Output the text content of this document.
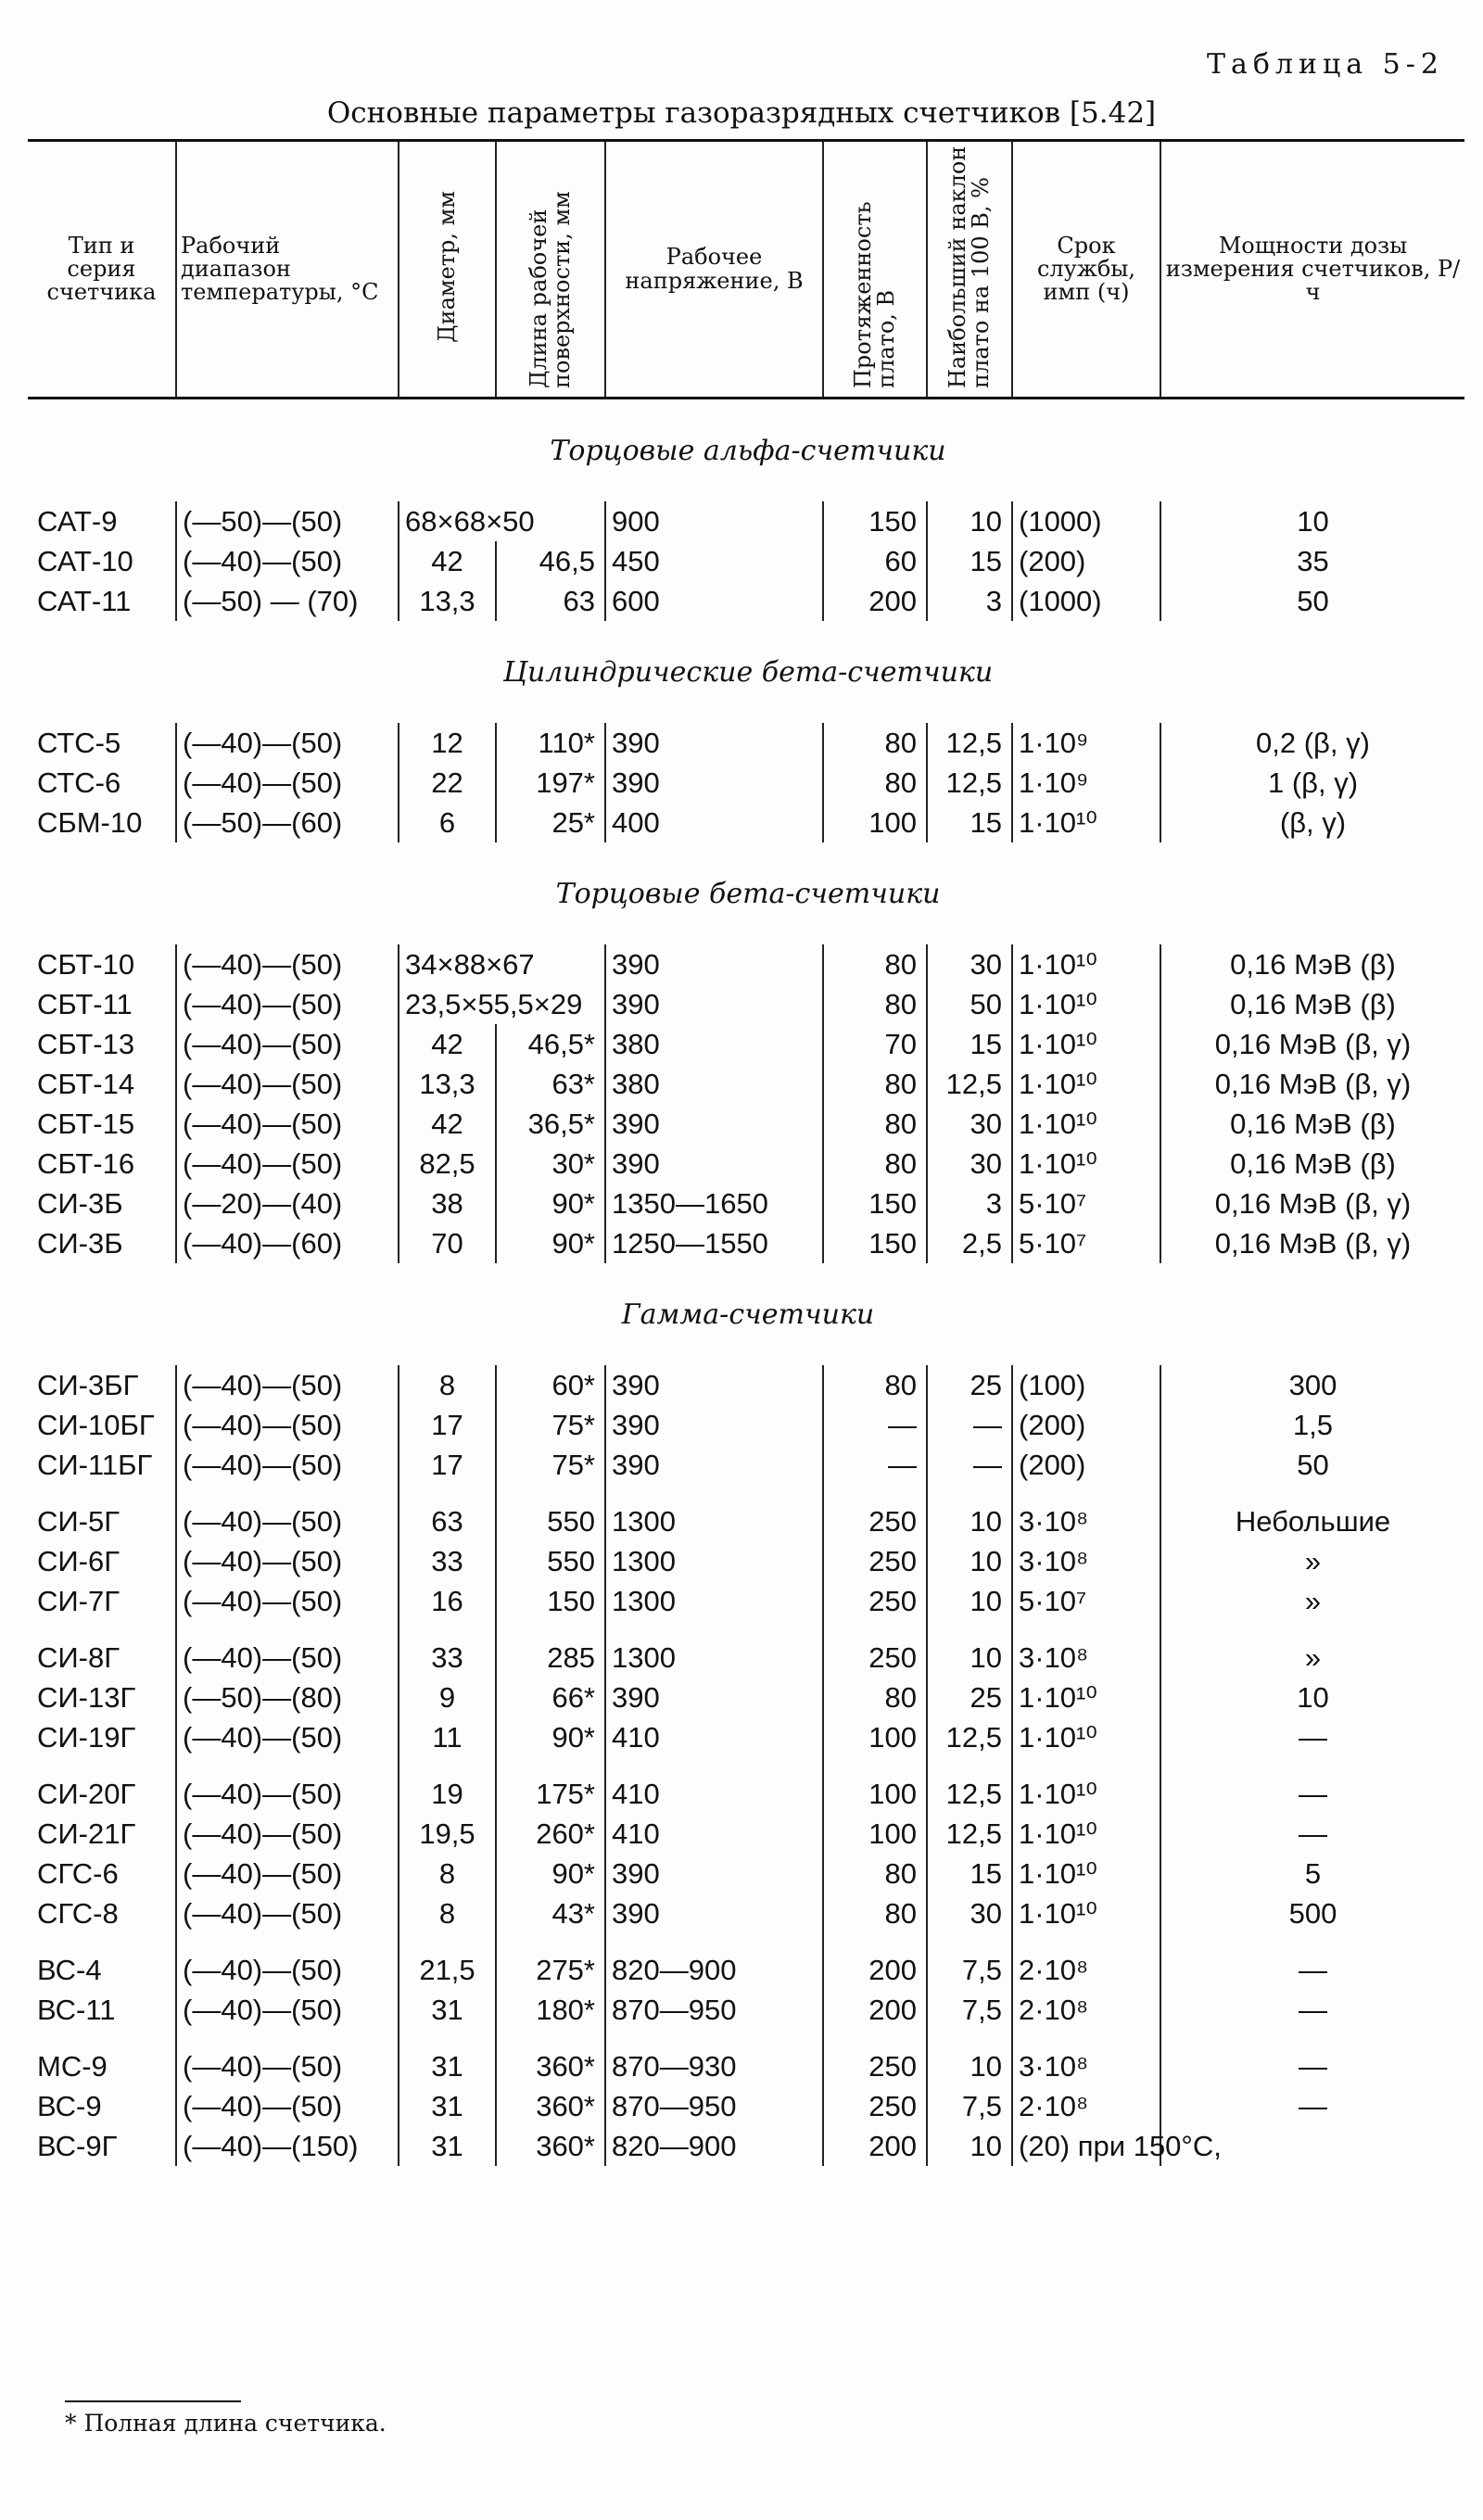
Таблица 5-2
Основные параметры газоразрядных счетчиков [5.42]
Тип и серия счетчика	Рабочий диапазон температуры, °С	Диаметр, мм	Длина рабочей поверхности, мм	Рабочее напряжение, В	Протяженность плато, В	Наибольший наклон плато на 100 В, %	Срок службы, имп (ч)	Мощности дозы измерения счетчиков, Р/ч
Торцовые альфа-счетчики								
САТ-9	(—50)—(50)	68×68×50		900	150	10	(1000)	10
САТ-10	(—40)—(50)	42	46,5	450	60	15	(200)	35
САТ-11	(—50) — (70)	13,3	63	600	200	3	(1000)	50
Цилиндрические бета-счетчики								
СТС-5	(—40)—(50)	12	110*	390	80	12,5	1·10⁹	0,2 (β, γ)
СТС-6	(—40)—(50)	22	197*	390	80	12,5	1·10⁹	1 (β, γ)
СБМ-10	(—50)—(60)	6	25*	400	100	15	1·10¹⁰	(β, γ)
Торцовые бета-счетчики								
СБТ-10	(—40)—(50)	34×88×67		390	80	30	1·10¹⁰	0,16 МэВ (β)
СБТ-11	(—40)—(50)	23,5×55,5×29		390	80	50	1·10¹⁰	0,16 МэВ (β)
СБТ-13	(—40)—(50)	42	46,5*	380	70	15	1·10¹⁰	0,16 МэВ (β, γ)
СБТ-14	(—40)—(50)	13,3	63*	380	80	12,5	1·10¹⁰	0,16 МэВ (β, γ)
СБТ-15	(—40)—(50)	42	36,5*	390	80	30	1·10¹⁰	0,16 МэВ (β)
СБТ-16	(—40)—(50)	82,5	30*	390	80	30	1·10¹⁰	0,16 МэВ (β)
СИ-3Б	(—20)—(40)	38	90*	1350—1650	150	3	5·10⁷	0,16 МэВ (β, γ)
СИ-3Б	(—40)—(60)	70	90*	1250—1550	150	2,5	5·10⁷	0,16 МэВ (β, γ)
Гамма-счетчики								
СИ-3БГ	(—40)—(50)	8	60*	390	80	25	(100)	300
СИ-10БГ	(—40)—(50)	17	75*	390	—	—	(200)	1,5
СИ-11БГ	(—40)—(50)	17	75*	390	—	—	(200)	50

СИ-5Г	(—40)—(50)	63	550	1300	250	10	3·10⁸	Небольшие
СИ-6Г	(—40)—(50)	33	550	1300	250	10	3·10⁸	»
СИ-7Г	(—40)—(50)	16	150	1300	250	10	5·10⁷	»

СИ-8Г	(—40)—(50)	33	285	1300	250	10	3·10⁸	»
СИ-13Г	(—50)—(80)	9	66*	390	80	25	1·10¹⁰	10
СИ-19Г	(—40)—(50)	11	90*	410	100	12,5	1·10¹⁰	—

СИ-20Г	(—40)—(50)	19	175*	410	100	12,5	1·10¹⁰	—
СИ-21Г	(—40)—(50)	19,5	260*	410	100	12,5	1·10¹⁰	—
СГС-6	(—40)—(50)	8	90*	390	80	15	1·10¹⁰	5
СГС-8	(—40)—(50)	8	43*	390	80	30	1·10¹⁰	500

ВС-4	(—40)—(50)	21,5	275*	820—900	200	7,5	2·10⁸	—
ВС-11	(—40)—(50)	31	180*	870—950	200	7,5	2·10⁸	—

МС-9	(—40)—(50)	31	360*	870—930	250	10	3·10⁸	—
ВС-9	(—40)—(50)	31	360*	870—950	250	7,5	2·10⁸	—
ВС-9Г	(—40)—(150)	31	360*	820—900	200	10	(20) при 150°С,	
* Полная длина счетчика.
